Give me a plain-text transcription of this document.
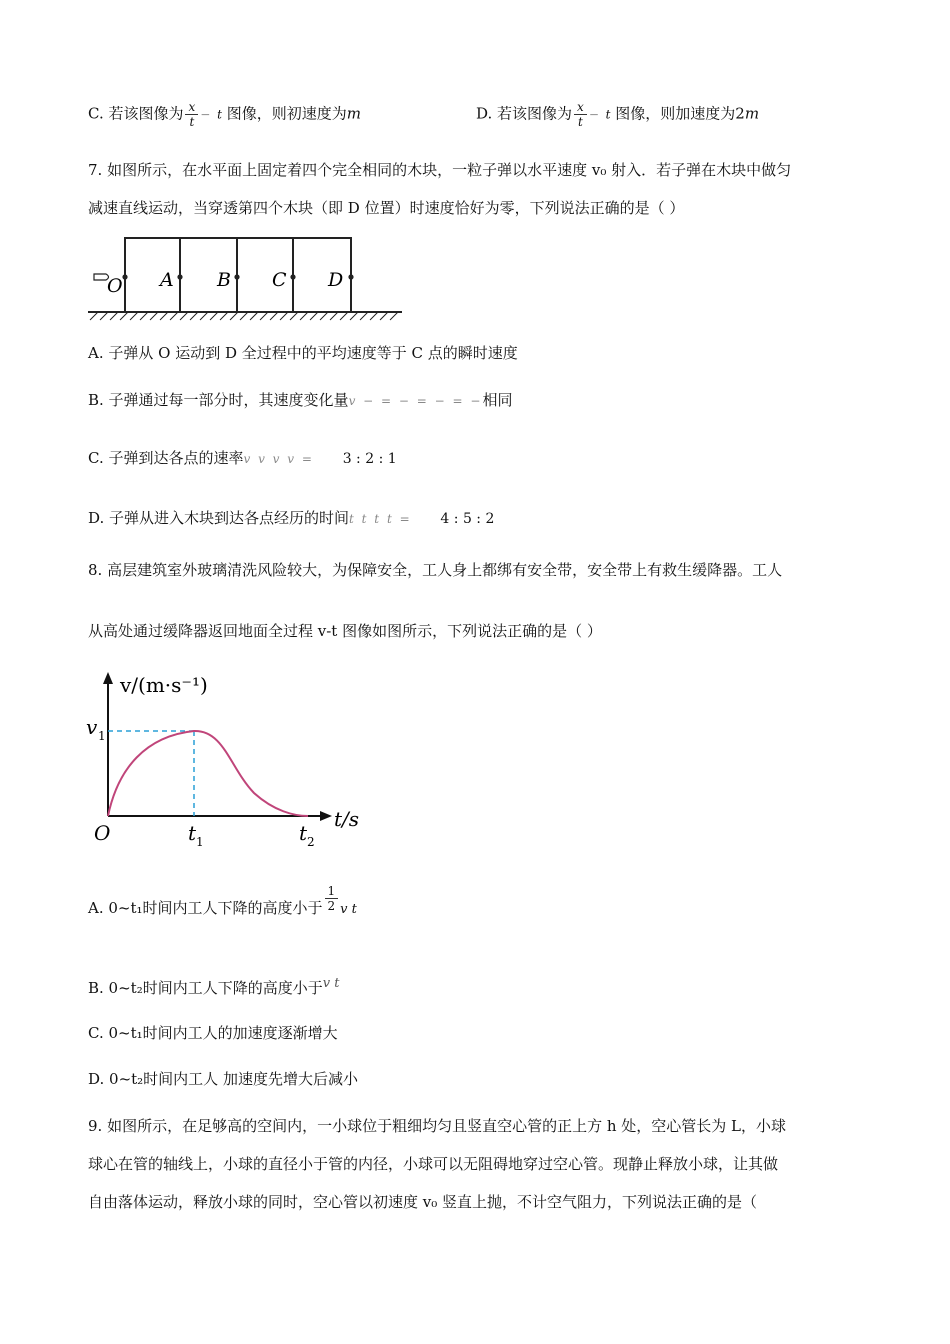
C. 若该图像为 $\frac{x}{t} - t$ 图像，则初速度为m	D. 若该图像为 $\frac{x}{t} - t$ 图像，则加速度为2m
7. 如图所示，在水平面上固定着四个完全相同的木块，一粒子弹以水平速度 v₀ 射入．若子弹在木块中做匀
减速直线运动，当穿透第四个木块（即 D 位置）时速度恰好为零，下列说法正确的是（ ）
O A B C D
A. 子弹从 O 运动到 D 全过程中的平均速度等于 C 点的瞬时速度
B. 子弹通过每一部分时，其速度变化量v − = − = − = −相同
C. 子弹到达各点的速率v v v v = 3 : 2 : 1
D. 子弹从进入木块到达各点经历的时间t t t t = 4 : 5 : 2
8. 高层建筑室外玻璃清洗风险较大，为保障安全，工人身上都绑有安全带，安全带上有救生缓降器。工人
从高处通过缓降器返回地面全过程 v-t 图像如图所示，下列说法正确的是（ ）
v/(m·s⁻¹)
t/s
O
v 1
t 1	t 2
A. 0~t₁时间内工人下降的高度小于 $\frac{1}{2}$ v t
B. 0~t₂时间内工人下降的高度小于v t
C. 0~t₁时间内工人的加速度逐渐增大
D. 0~t₂时间内工人 加速度先增大后减小
9. 如图所示，在足够高的空间内，一小球位于粗细均匀且竖直空心管的正上方 h 处，空心管长为 L，小球
球心在管的轴线上，小球的直径小于管的内径，小球可以无阻碍地穿过空心管。现静止释放小球，让其做
自由落体运动，释放小球的同时，空心管以初速度 v₀ 竖直上抛，不计空气阻力，下列说法正确的是（
